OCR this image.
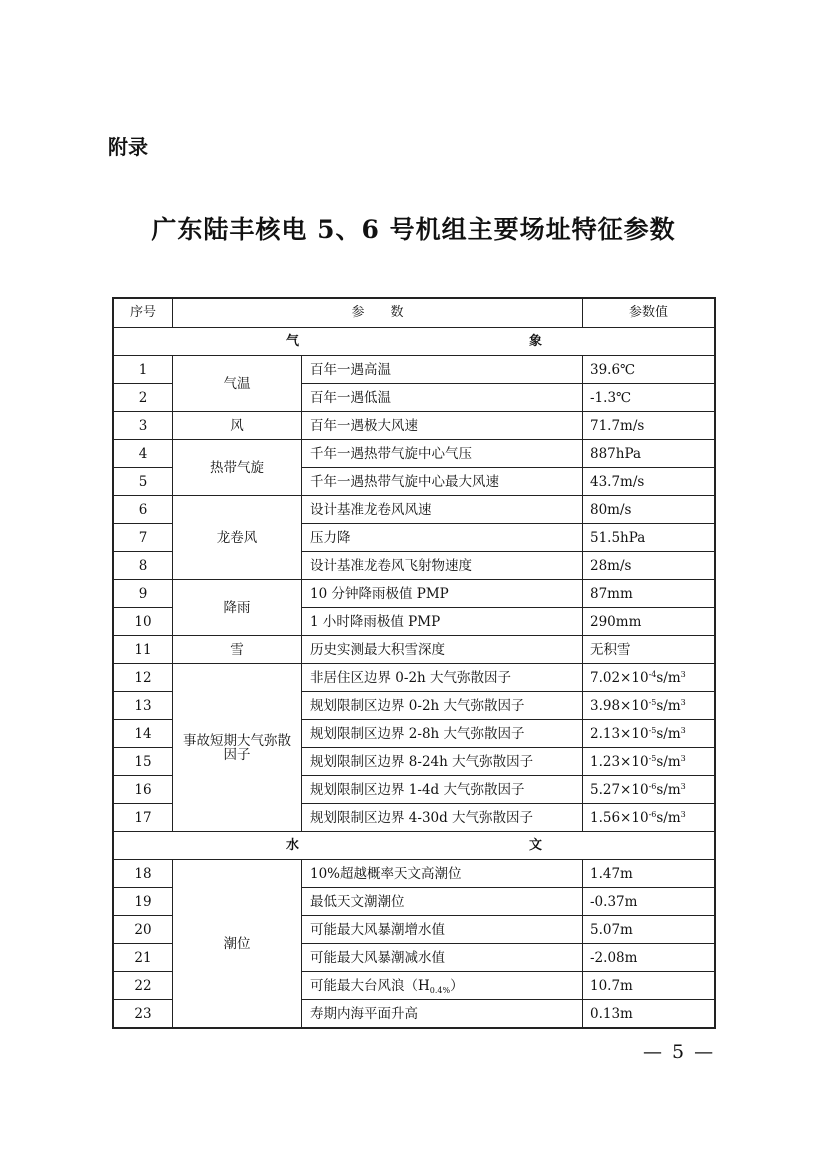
附录
广东陆丰核电 5、6 号机组主要场址特征参数
序号	参　　数		参数值
气　　象			
1	气温	百年一遇高温	39.6℃
2		百年一遇低温	-1.3℃
3	风	百年一遇极大风速	71.7m/s
4	热带气旋	千年一遇热带气旋中心气压	887hPa
5		千年一遇热带气旋中心最大风速	43.7m/s
6	龙卷风	设计基准龙卷风风速	80m/s
7		压力降	51.5hPa
8		设计基准龙卷风飞射物速度	28m/s
9	降雨	10 分钟降雨极值 PMP	87mm
10		1 小时降雨极值 PMP	290mm
11	雪	历史实测最大积雪深度	无积雪
12	事故短期大气弥散因子	非居住区边界 0-2h 大气弥散因子	$7.02\times 10^{-4}s/m^3$
13		规划限制区边界 0-2h 大气弥散因子	$3.98\times 10^{-5}s/m^3$
14		规划限制区边界 2-8h 大气弥散因子	$2.13\times 10^{-5}s/m^3$
15		规划限制区边界 8-24h 大气弥散因子	$1.23\times 10^{-5}s/m^3$
16		规划限制区边界 1-4d 大气弥散因子	$5.27\times 10^{-6}s/m^3$
17		规划限制区边界 4-30d 大气弥散因子	$1.56\times 10^{-6}s/m^3$
水　　文			
18	潮位	10%超越概率天文高潮位	1.47m
19		最低天文潮潮位	-0.37m
20		可能最大风暴潮增水值	5.07m
21		可能最大风暴潮减水值	-2.08m
22		可能最大台风浪$(H_{0.4\%})$	10.7m
23		寿期内海平面升高	0.13m
— 5 —
